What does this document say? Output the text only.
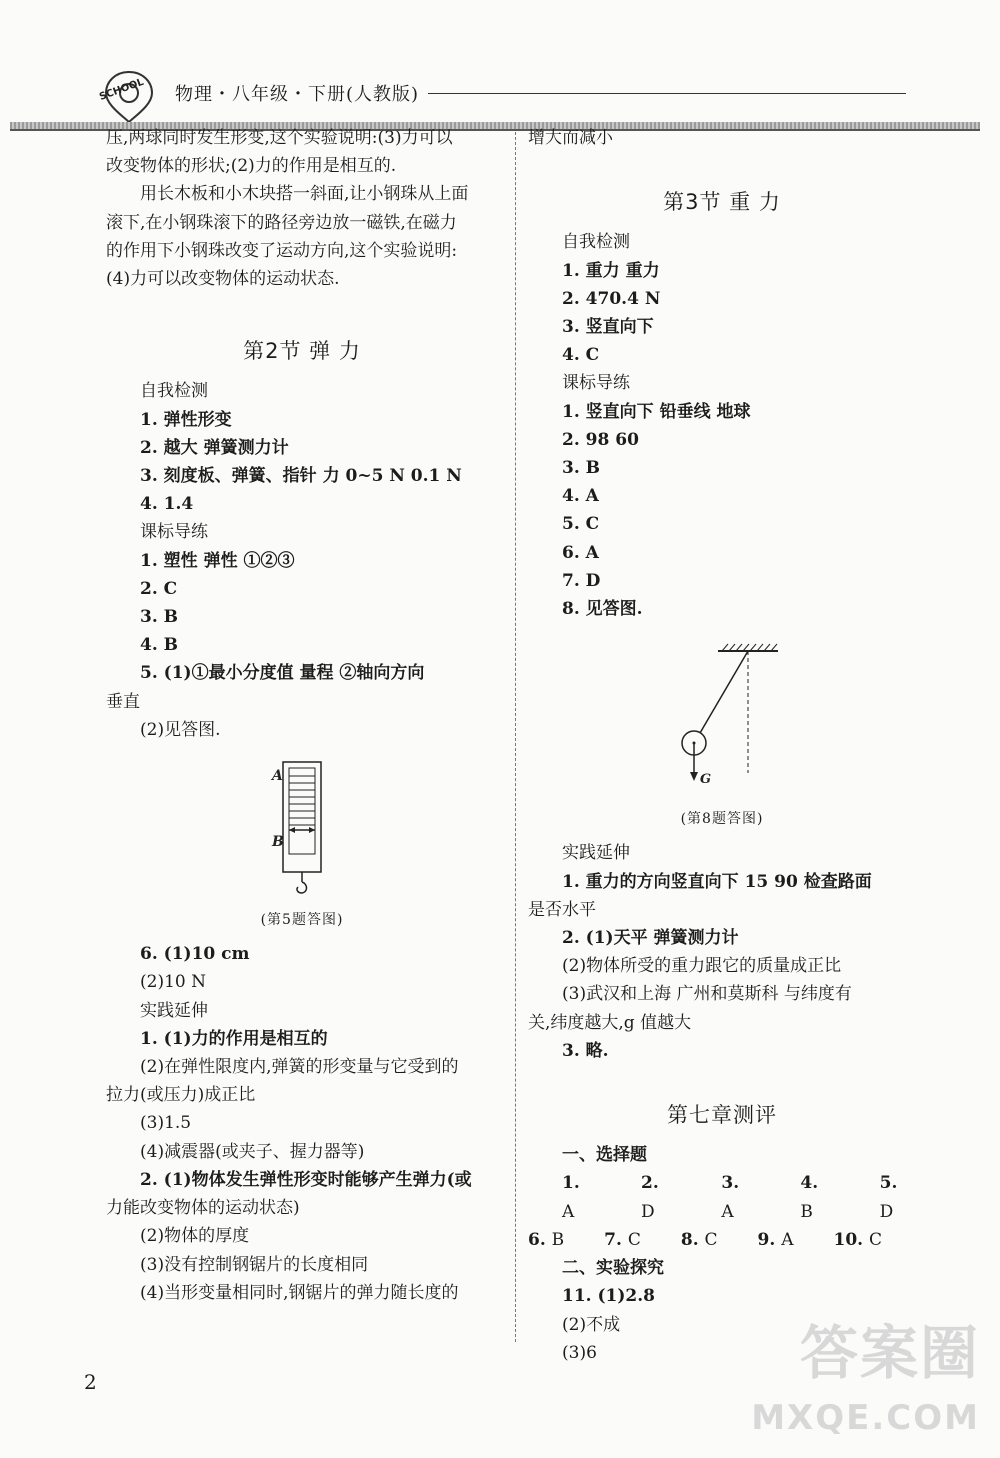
SCHOOL 物理・八年级・下册(人教版)

压,两球同时发生形变,这个实验说明:(3)力可以

改变物体的形状;(2)力的作用是相互的.

用长木板和小木块搭一斜面,让小钢珠从上面

滚下,在小钢珠滚下的路径旁边放一磁铁,在磁力

的作用下小钢珠改变了运动方向,这个实验说明:

(4)力可以改变物体的运动状态.

第2节 弹 力

自我检测

1. 弹性形变

2. 越大 弹簧测力计

3. 刻度板、弹簧、指针 力 0~5 N 0.1 N

4. 1.4

课标导练

1. 塑性 弹性 ①②③

2. C

3. B

4. B

5. (1)①最小分度值 量程 ②轴向方向

垂直

(2)见答图.

A
B
(第5题答图)

6. (1)10 cm

(2)10 N

实践延伸

1. (1)力的作用是相互的

(2)在弹性限度内,弹簧的形变量与它受到的

拉力(或压力)成正比

(3)1.5

(4)减震器(或夹子、握力器等)

2. (1)物体发生弹性形变时能够产生弹力(或

力能改变物体的运动状态)

(2)物体的厚度

(3)没有控制钢锯片的长度相同

(4)当形变量相同时,钢锯片的弹力随长度的

增大而减小

第3节 重 力

自我检测

1. 重力 重力

2. 470.4 N

3. 竖直向下

4. C

课标导练

1. 竖直向下 铅垂线 地球

2. 98 60

3. B

4. A

5. C

6. A

7. D

8. 见答图.

G
(第8题答图)

实践延伸

1. 重力的方向竖直向下 15 90 检查路面

是否水平

2. (1)天平 弹簧测力计

(2)物体所受的重力跟它的质量成正比

(3)武汉和上海 广州和莫斯科 与纬度有

关,纬度越大,g 值越大

3. 略.

第七章测评

一、选择题

1. A
2. D
3. A
4. B
5. D
6. B 7. C 8. C 9. A 10. C

二、实验探究

11. (1)2.8

(2)不成

(3)6

2	答案圈
MXQE.COM
